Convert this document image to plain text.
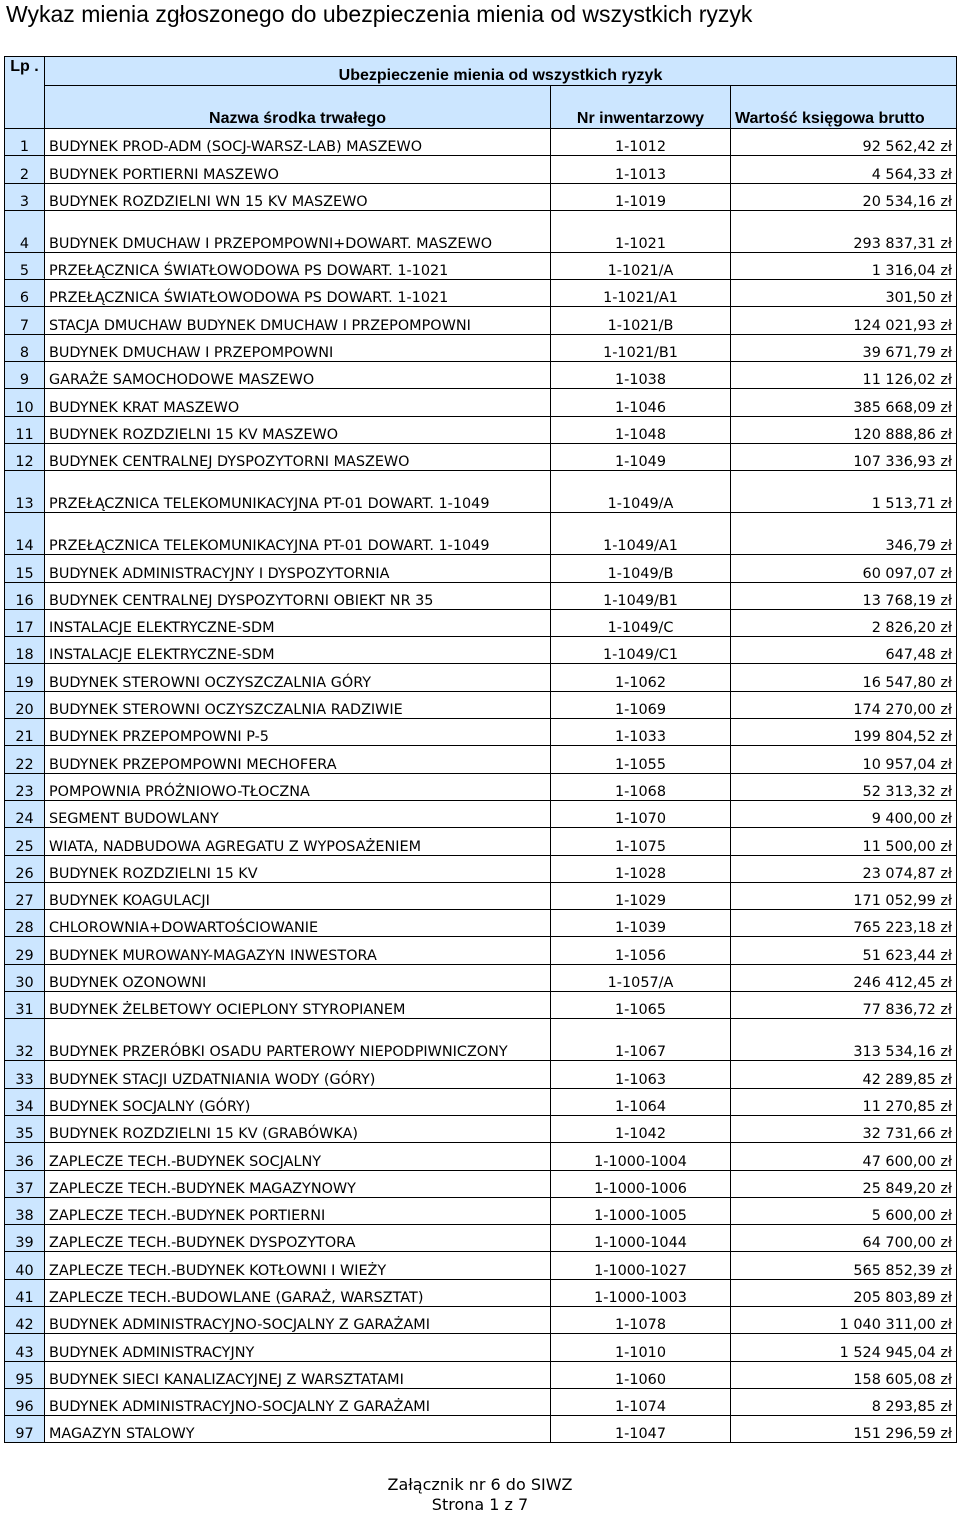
Wykaz mienia zgłoszonego do ubezpieczenia mienia od wszystkich ryzyk
Lp .	Ubezpieczenie mienia od wszystkich ryzyk		
	Nazwa środka trwałego	Nr inwentarzowy	Wartość księgowa brutto
1	BUDYNEK PROD-ADM (SOCJ-WARSZ-LAB) MASZEWO	1-1012	92 562,42 zł
2	BUDYNEK PORTIERNI MASZEWO	1-1013	4 564,33 zł
3	BUDYNEK ROZDZIELNI WN 15 KV MASZEWO	1-1019	20 534,16 zł
4	BUDYNEK DMUCHAW I PRZEPOMPOWNI+DOWART. MASZEWO	1-1021	293 837,31 zł
5	PRZEŁĄCZNICA ŚWIATŁOWODOWA PS DOWART. 1-1021	1-1021/A	1 316,04 zł
6	PRZEŁĄCZNICA ŚWIATŁOWODOWA PS DOWART. 1-1021	1-1021/A1	301,50 zł
7	STACJA DMUCHAW BUDYNEK DMUCHAW I PRZEPOMPOWNI	1-1021/B	124 021,93 zł
8	BUDYNEK DMUCHAW I PRZEPOMPOWNI	1-1021/B1	39 671,79 zł
9	GARAŻE SAMOCHODOWE MASZEWO	1-1038	11 126,02 zł
10	BUDYNEK KRAT MASZEWO	1-1046	385 668,09 zł
11	BUDYNEK ROZDZIELNI 15 KV MASZEWO	1-1048	120 888,86 zł
12	BUDYNEK CENTRALNEJ DYSPOZYTORNI MASZEWO	1-1049	107 336,93 zł
13	PRZEŁĄCZNICA TELEKOMUNIKACYJNA PT-01 DOWART. 1-1049	1-1049/A	1 513,71 zł
14	PRZEŁĄCZNICA TELEKOMUNIKACYJNA PT-01 DOWART. 1-1049	1-1049/A1	346,79 zł
15	BUDYNEK ADMINISTRACYJNY I DYSPOZYTORNIA	1-1049/B	60 097,07 zł
16	BUDYNEK CENTRALNEJ DYSPOZYTORNI OBIEKT NR 35	1-1049/B1	13 768,19 zł
17	INSTALACJE ELEKTRYCZNE-SDM	1-1049/C	2 826,20 zł
18	INSTALACJE ELEKTRYCZNE-SDM	1-1049/C1	647,48 zł
19	BUDYNEK STEROWNI OCZYSZCZALNIA GÓRY	1-1062	16 547,80 zł
20	BUDYNEK STEROWNI OCZYSZCZALNIA RADZIWIE	1-1069	174 270,00 zł
21	BUDYNEK PRZEPOMPOWNI P-5	1-1033	199 804,52 zł
22	BUDYNEK PRZEPOMPOWNI MECHOFERA	1-1055	10 957,04 zł
23	POMPOWNIA PRÓŻNIOWO-TŁOCZNA	1-1068	52 313,32 zł
24	SEGMENT BUDOWLANY	1-1070	9 400,00 zł
25	WIATA, NADBUDOWA AGREGATU Z WYPOSAŻENIEM	1-1075	11 500,00 zł
26	BUDYNEK ROZDZIELNI 15 KV	1-1028	23 074,87 zł
27	BUDYNEK KOAGULACJI	1-1029	171 052,99 zł
28	CHLOROWNIA+DOWARTOŚCIOWANIE	1-1039	765 223,18 zł
29	BUDYNEK MUROWANY-MAGAZYN INWESTORA	1-1056	51 623,44 zł
30	BUDYNEK OZONOWNI	1-1057/A	246 412,45 zł
31	BUDYNEK ŻELBETOWY OCIEPLONY STYROPIANEM	1-1065	77 836,72 zł
32	BUDYNEK PRZERÓBKI OSADU PARTEROWY NIEPODPIWNICZONY	1-1067	313 534,16 zł
33	BUDYNEK STACJI UZDATNIANIA WODY (GÓRY)	1-1063	42 289,85 zł
34	BUDYNEK SOCJALNY (GÓRY)	1-1064	11 270,85 zł
35	BUDYNEK ROZDZIELNI 15 KV (GRABÓWKA)	1-1042	32 731,66 zł
36	ZAPLECZE TECH.-BUDYNEK SOCJALNY	1-1000-1004	47 600,00 zł
37	ZAPLECZE TECH.-BUDYNEK MAGAZYNOWY	1-1000-1006	25 849,20 zł
38	ZAPLECZE TECH.-BUDYNEK PORTIERNI	1-1000-1005	5 600,00 zł
39	ZAPLECZE TECH.-BUDYNEK DYSPOZYTORA	1-1000-1044	64 700,00 zł
40	ZAPLECZE TECH.-BUDYNEK KOTŁOWNI I WIEŻY	1-1000-1027	565 852,39 zł
41	ZAPLECZE TECH.-BUDOWLANE (GARAŻ, WARSZTAT)	1-1000-1003	205 803,89 zł
42	BUDYNEK ADMINISTRACYJNO-SOCJALNY Z GARAŻAMI	1-1078	1 040 311,00 zł
43	BUDYNEK ADMINISTRACYJNY	1-1010	1 524 945,04 zł
95	BUDYNEK SIECI KANALIZACYJNEJ Z WARSZTATAMI	1-1060	158 605,08 zł
96	BUDYNEK ADMINISTRACYJNO-SOCJALNY Z GARAŻAMI	1-1074	8 293,85 zł
97	MAGAZYN STALOWY	1-1047	151 296,59 zł
Załącznik nr 6 do SIWZ
Strona 1 z 7
